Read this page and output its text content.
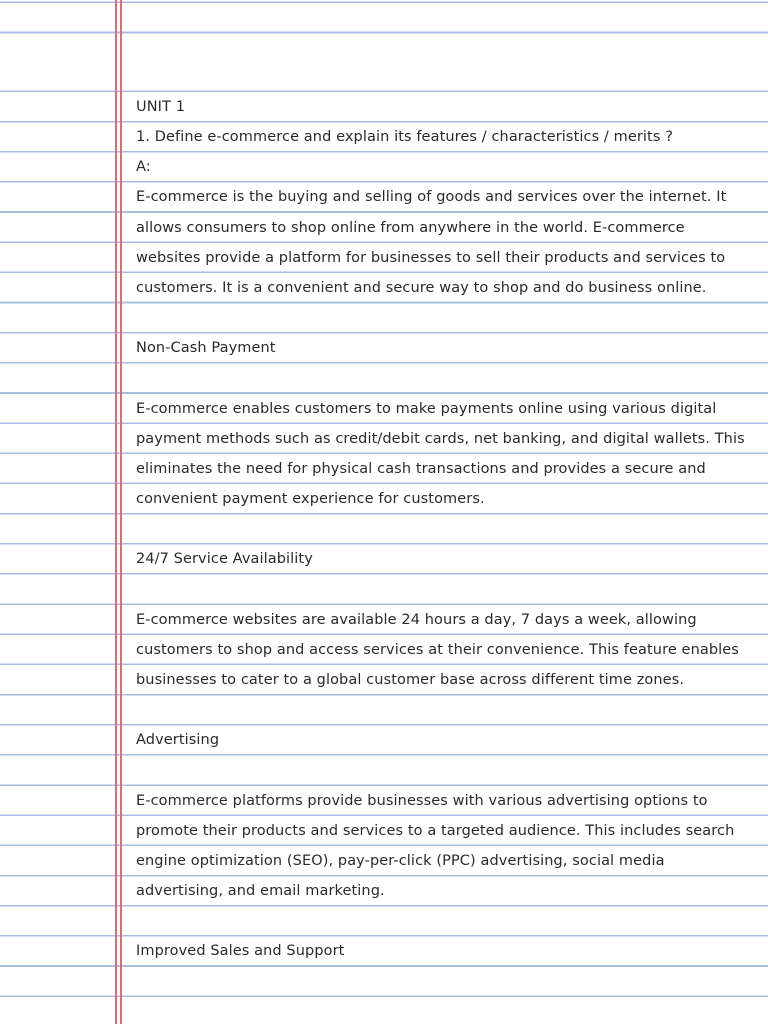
UNIT 1
1. Define e-commerce and explain its features / characteristics / merits ?
A:
E-commerce is the buying and selling of goods and services over the internet. It
allows consumers to shop online from anywhere in the world. E-commerce
websites provide a platform for businesses to sell their products and services to
customers. It is a convenient and secure way to shop and do business online.
Non-Cash Payment
E-commerce enables customers to make payments online using various digital
payment methods such as credit/debit cards, net banking, and digital wallets. This
eliminates the need for physical cash transactions and provides a secure and
convenient payment experience for customers.
24/7 Service Availability
E-commerce websites are available 24 hours a day, 7 days a week, allowing
customers to shop and access services at their convenience. This feature enables
businesses to cater to a global customer base across different time zones.
Advertising
E-commerce platforms provide businesses with various advertising options to
promote their products and services to a targeted audience. This includes search
engine optimization (SEO), pay-per-click (PPC) advertising, social media
advertising, and email marketing.
Improved Sales and Support
